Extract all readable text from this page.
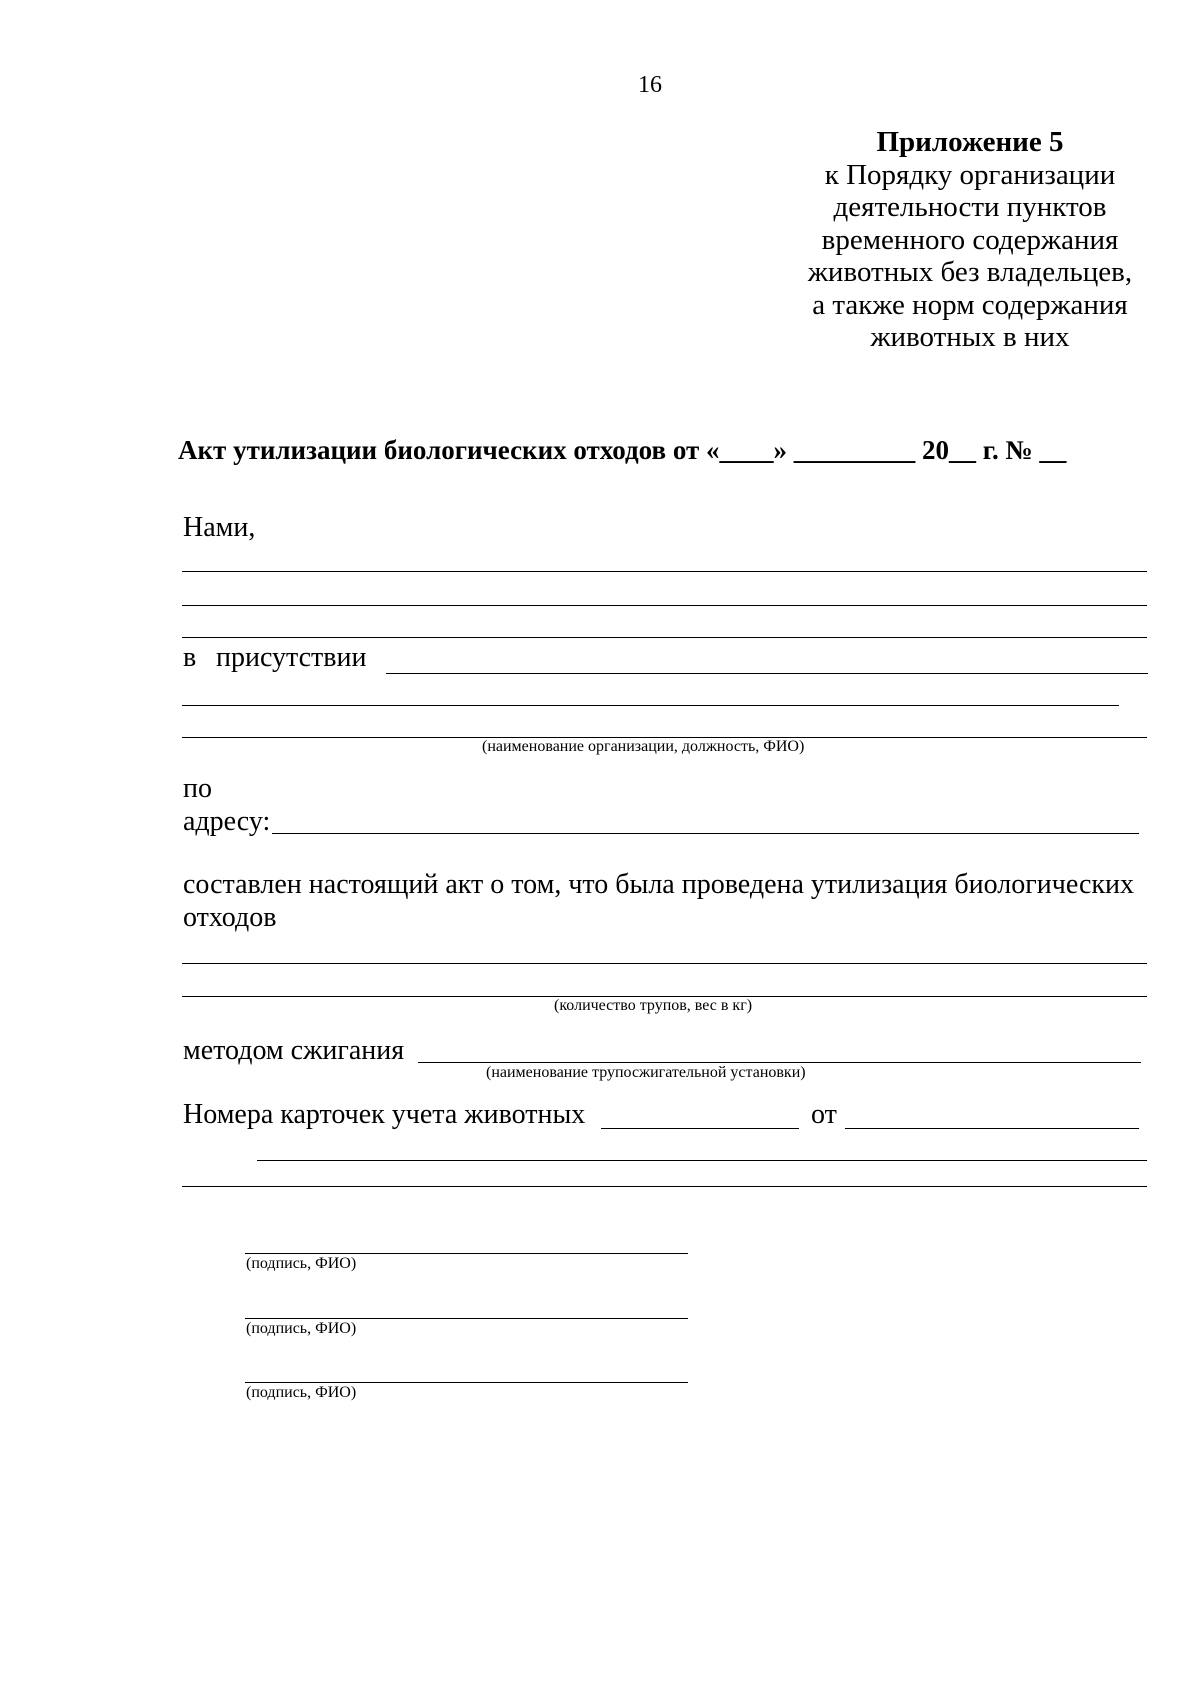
16
Приложение 5
к Порядку организации
деятельности пунктов
временного содержания
животных без владельцев,
а также норм содержания
животных в них
Акт утилизации биологических отходов от «____» _________ 20__ г. № __
Нами,
в присутствии
(наименование организации, должность, ФИО)
по
адресу:
составлен настоящий акт о том, что была проведена утилизация биологических
отходов
(количество трупов, вес в кг)
методом сжигания
(наименование трупосжигательной установки)
Номера карточек учета животных	от
(подпись, ФИО)
(подпись, ФИО)
(подпись, ФИО)
